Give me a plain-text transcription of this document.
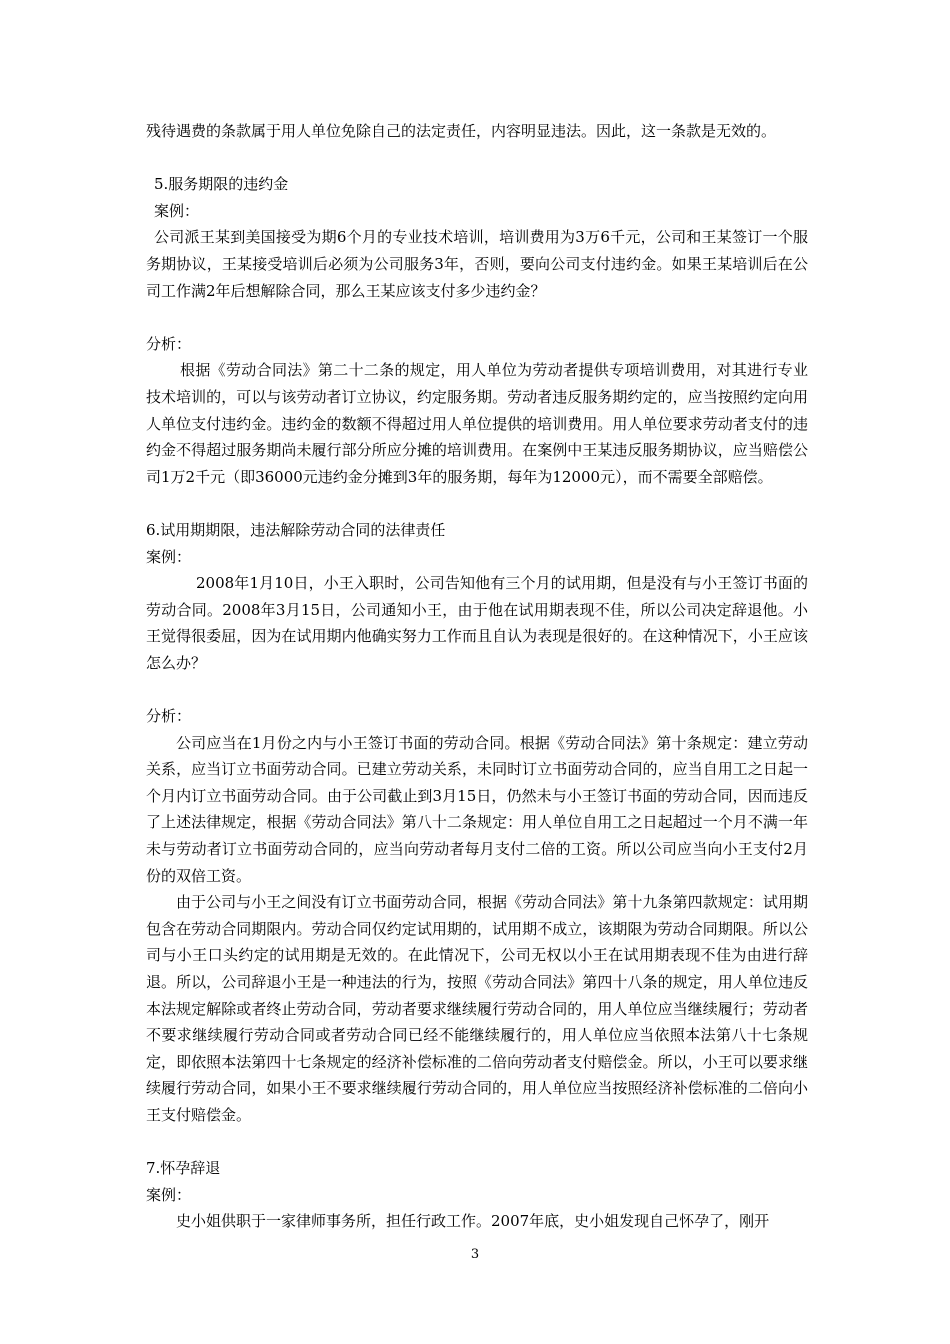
残待遇费的条款属于用人单位免除自己的法定责任，内容明显违法。因此，这一条款是无效的。

5.服务期限的违约金

案例：

公司派王某到美国接受为期6个月的专业技术培训，培训费用为3万6千元，公司和王某签订一个服务期协议，王某接受培训后必须为公司服务3年，否则，要向公司支付违约金。如果王某培训后在公司工作满2年后想解除合同，那么王某应该支付多少违约金？

分析：

根据《劳动合同法》第二十二条的规定，用人单位为劳动者提供专项培训费用，对其进行专业技术培训的，可以与该劳动者订立协议，约定服务期。劳动者违反服务期约定的，应当按照约定向用人单位支付违约金。违约金的数额不得超过用人单位提供的培训费用。用人单位要求劳动者支付的违约金不得超过服务期尚未履行部分所应分摊的培训费用。在案例中王某违反服务期协议，应当赔偿公司1万2千元（即36000元违约金分摊到3年的服务期，每年为12000元），而不需要全部赔偿。

6.试用期期限，违法解除劳动合同的法律责任

案例：

2008年1月10日，小王入职时，公司告知他有三个月的试用期，但是没有与小王签订书面的劳动合同。2008年3月15日，公司通知小王，由于他在试用期表现不佳，所以公司决定辞退他。小王觉得很委屈，因为在试用期内他确实努力工作而且自认为表现是很好的。在这种情况下，小王应该怎么办？

分析：

公司应当在1月份之内与小王签订书面的劳动合同。根据《劳动合同法》第十条规定：建立劳动关系，应当订立书面劳动合同。已建立劳动关系，未同时订立书面劳动合同的，应当自用工之日起一个月内订立书面劳动合同。由于公司截止到3月15日，仍然未与小王签订书面的劳动合同，因而违反了上述法律规定，根据《劳动合同法》第八十二条规定：用人单位自用工之日起超过一个月不满一年未与劳动者订立书面劳动合同的，应当向劳动者每月支付二倍的工资。所以公司应当向小王支付2月份的双倍工资。

由于公司与小王之间没有订立书面劳动合同，根据《劳动合同法》第十九条第四款规定：试用期包含在劳动合同期限内。劳动合同仅约定试用期的，试用期不成立，该期限为劳动合同期限。所以公司与小王口头约定的试用期是无效的。在此情况下，公司无权以小王在试用期表现不佳为由进行辞退。所以，公司辞退小王是一种违法的行为，按照《劳动合同法》第四十八条的规定，用人单位违反本法规定解除或者终止劳动合同，劳动者要求继续履行劳动合同的，用人单位应当继续履行；劳动者不要求继续履行劳动合同或者劳动合同已经不能继续履行的，用人单位应当依照本法第八十七条规定，即依照本法第四十七条规定的经济补偿标准的二倍向劳动者支付赔偿金。所以，小王可以要求继续履行劳动合同，如果小王不要求继续履行劳动合同的，用人单位应当按照经济补偿标准的二倍向小王支付赔偿金。

7.怀孕辞退

案例：

史小姐供职于一家律师事务所，担任行政工作。2007年底，史小姐发现自己怀孕了，刚开

3
